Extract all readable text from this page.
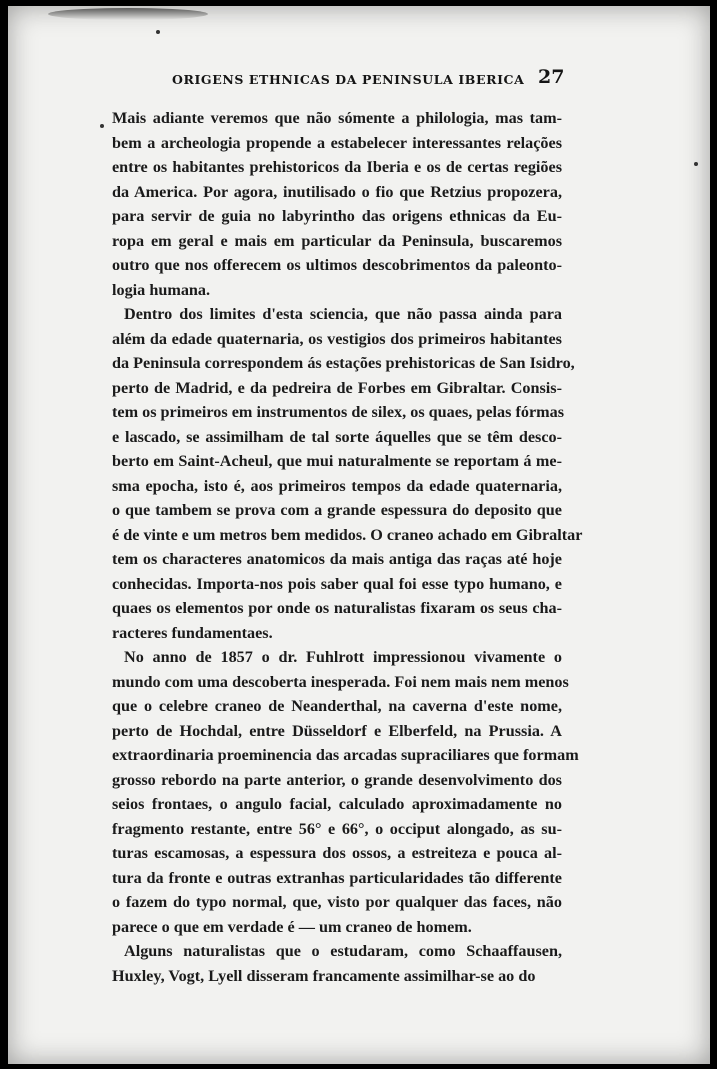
ORIGENS ETHNICAS DA PENINSULA IBERICA 27
Mais adiante veremos que não sómente a philologia, mas tam-
bem a archeologia propende a estabelecer interessantes relações
entre os habitantes prehistoricos da Iberia e os de certas regiões
da America. Por agora, inutilisado o fio que Retzius propozera,
para servir de guia no labyrintho das origens ethnicas da Eu-
ropa em geral e mais em particular da Peninsula, buscaremos
outro que nos offerecem os ultimos descobrimentos da paleonto-
logia humana.
Dentro dos limites d'esta sciencia, que não passa ainda para
além da edade quaternaria, os vestigios dos primeiros habitantes
da Peninsula correspondem ás estações prehistoricas de San Isidro,
perto de Madrid, e da pedreira de Forbes em Gibraltar. Consis-
tem os primeiros em instrumentos de silex, os quaes, pelas fórmas
e lascado, se assimilham de tal sorte áquelles que se têm desco-
berto em Saint-Acheul, que mui naturalmente se reportam á me-
sma epocha, isto é, aos primeiros tempos da edade quaternaria,
o que tambem se prova com a grande espessura do deposito que
é de vinte e um metros bem medidos. O craneo achado em Gibraltar
tem os characteres anatomicos da mais antiga das raças até hoje
conhecidas. Importa-nos pois saber qual foi esse typo humano, e
quaes os elementos por onde os naturalistas fixaram os seus cha-
racteres fundamentaes.
No anno de 1857 o dr. Fuhlrott impressionou vivamente o
mundo com uma descoberta inesperada. Foi nem mais nem menos
que o celebre craneo de Neanderthal, na caverna d'este nome,
perto de Hochdal, entre Düsseldorf e Elberfeld, na Prussia. A
extraordinaria proeminencia das arcadas supraciliares que formam
grosso rebordo na parte anterior, o grande desenvolvimento dos
seios frontaes, o angulo facial, calculado aproximadamente no
fragmento restante, entre 56° e 66°, o occiput alongado, as su-
turas escamosas, a espessura dos ossos, a estreiteza e pouca al-
tura da fronte e outras extranhas particularidades tão differente
o fazem do typo normal, que, visto por qualquer das faces, não
parece o que em verdade é — um craneo de homem.
Alguns naturalistas que o estudaram, como Schaaffausen,
Huxley, Vogt, Lyell disseram francamente assimilhar-se ao do
